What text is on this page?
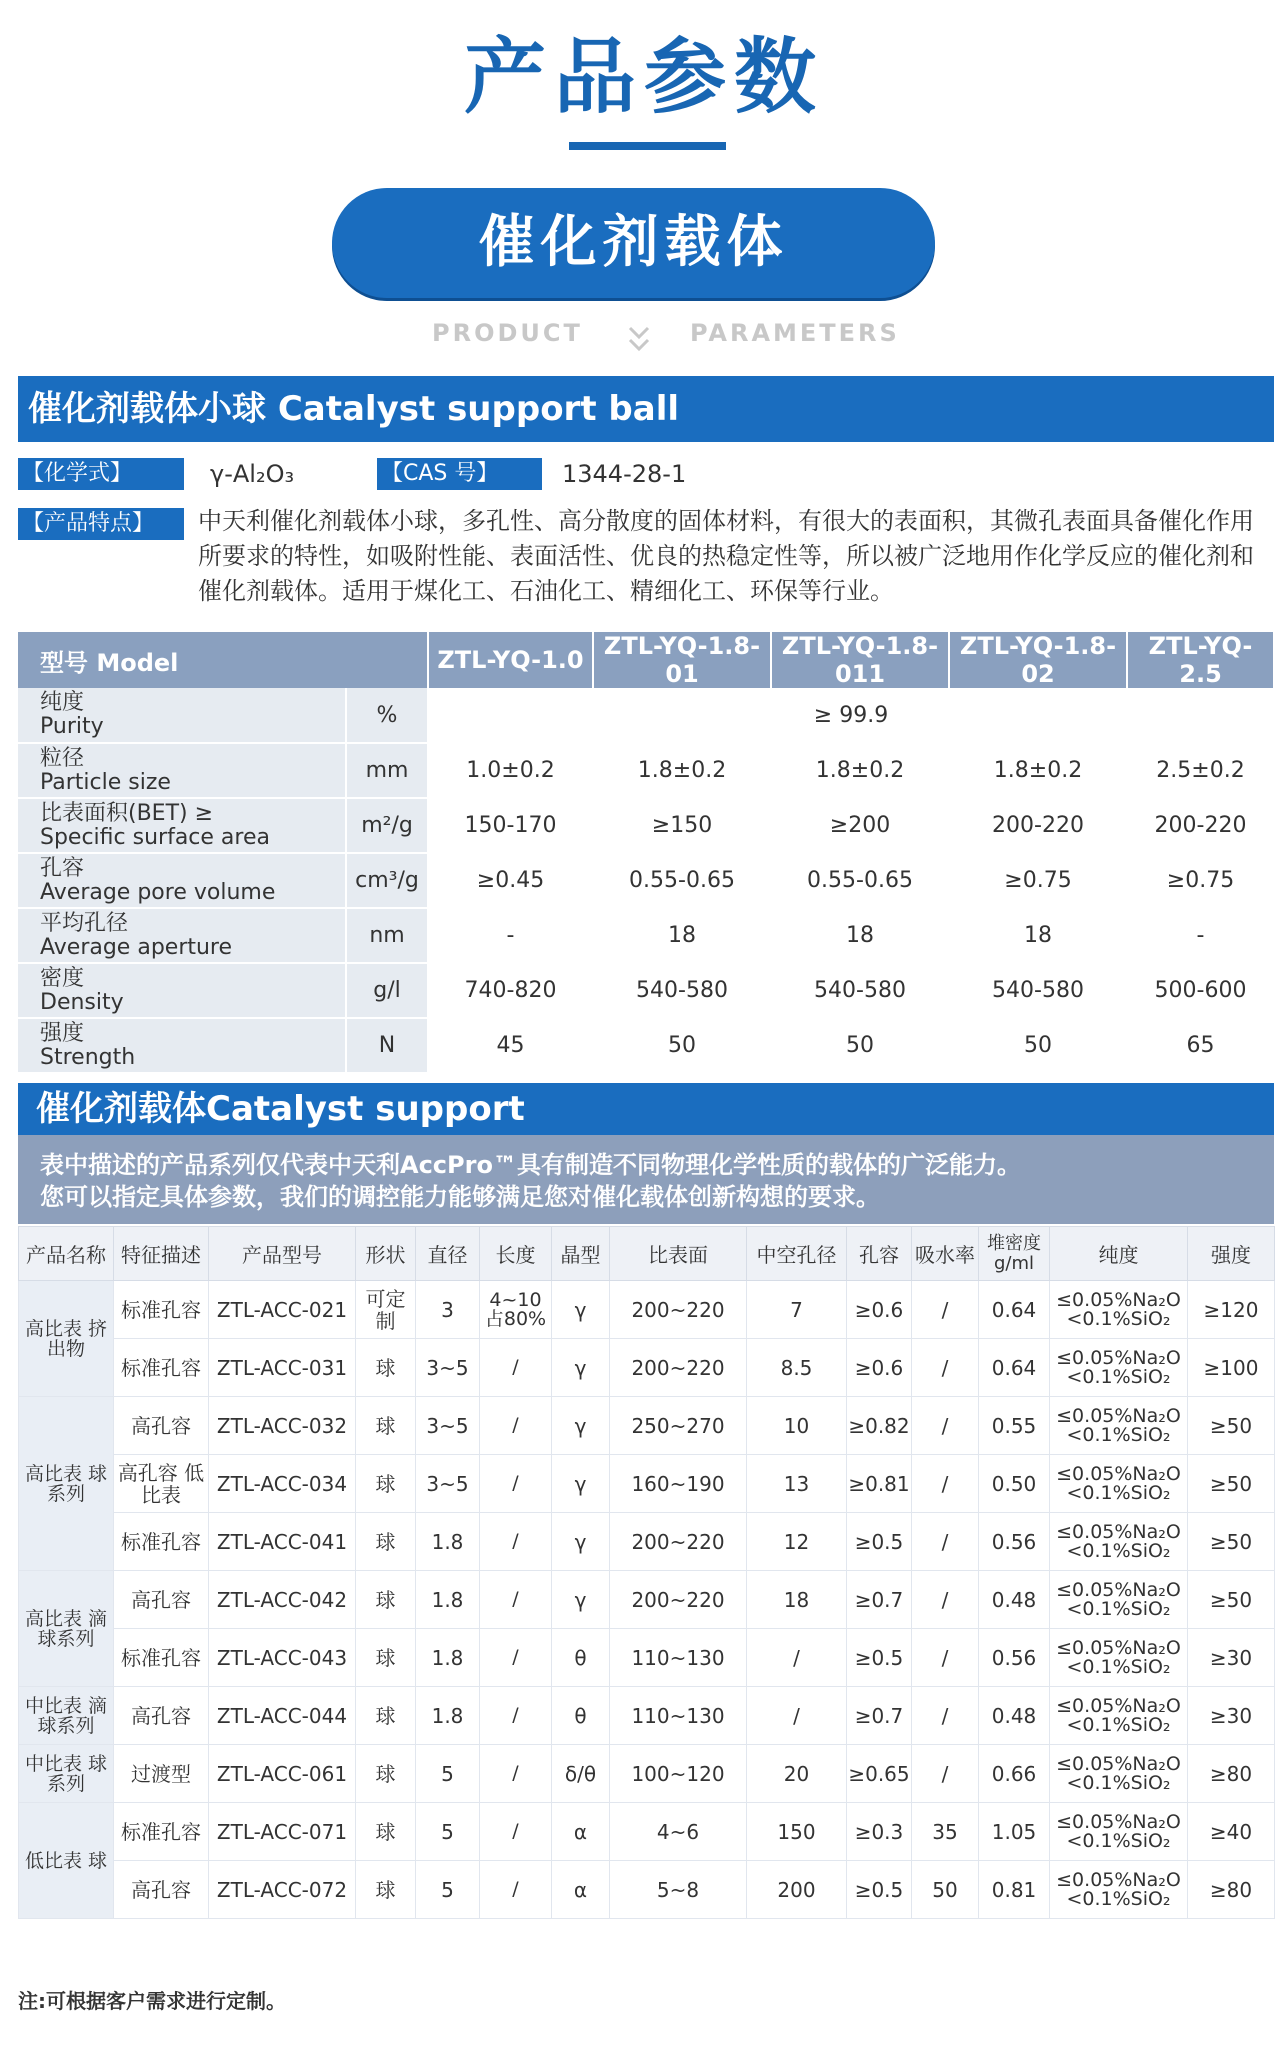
产品参数
催化剂载体
PRODUCT	PARAMETERS
催化剂载体小球 Catalyst support ball
【化学式】	γ-Al₂O₃	【CAS 号】	1344-28-1
【产品特点】	中天利催化剂载体小球，多孔性、高分散度的固体材料，有很大的表面积，其微孔表面具备催化作用所要求的特性，如吸附性能、表面活性、优良的热稳定性等，所以被广泛地用作化学反应的催化剂和催化剂载体。适用于煤化工、石油化工、精细化工、环保等行业。
型号 Model		ZTL-YQ-1.0	ZTL-YQ-1.8-01	ZTL-YQ-1.8-011	ZTL-YQ-1.8-02	ZTL-YQ-2.5

纯度
Purity	%	≥ 99.9				

粒径
Particle size	mm	1.0±0.2	1.8±0.2	1.8±0.2	1.8±0.2	2.5±0.2

比表面积(BET) ≥
Specific surface area	m²/g	150-170	≥150	≥200	200-220	200-220

孔容
Average pore volume	cm³/g	≥0.45	0.55-0.65	0.55-0.65	≥0.75	≥0.75

平均孔径
Average aperture	nm	-	18	18	18	-

密度
Density	g/l	740-820	540-580	540-580	540-580	500-600

强度
Strength	N	45	50	50	50	65
催化剂载体Catalyst support
表中描述的产品系列仅代表中天利AccPro™具有制造不同物理化学性质的载体的广泛能力。
您可以指定具体参数，我们的调控能力能够满足您对催化载体创新构想的要求。
产品名称	特征描述	产品型号	形状	直径	长度	晶型	比表面	中空孔径	孔容	吸水率	堆密度 g/ml	纯度	强度
高比表 挤出物	标准孔容	ZTL-ACC-021	可定制	3	4~10 占80%	γ	200~220	7	≥0.6	/	0.64	≤0.05%Na₂O <0.1%SiO₂	≥120
	标准孔容	ZTL-ACC-031	球	3~5	/	γ	200~220	8.5	≥0.6	/	0.64	≤0.05%Na₂O <0.1%SiO₂	≥100
高比表 球系列	高孔容	ZTL-ACC-032	球	3~5	/	γ	250~270	10	≥0.82	/	0.55	≤0.05%Na₂O <0.1%SiO₂	≥50
	高孔容 低比表	ZTL-ACC-034	球	3~5	/	γ	160~190	13	≥0.81	/	0.50	≤0.05%Na₂O <0.1%SiO₂	≥50
	标准孔容	ZTL-ACC-041	球	1.8	/	γ	200~220	12	≥0.5	/	0.56	≤0.05%Na₂O <0.1%SiO₂	≥50
高比表 滴球系列	高孔容	ZTL-ACC-042	球	1.8	/	γ	200~220	18	≥0.7	/	0.48	≤0.05%Na₂O <0.1%SiO₂	≥50
	标准孔容	ZTL-ACC-043	球	1.8	/	θ	110~130	/	≥0.5	/	0.56	≤0.05%Na₂O <0.1%SiO₂	≥30
中比表 滴球系列	高孔容	ZTL-ACC-044	球	1.8	/	θ	110~130	/	≥0.7	/	0.48	≤0.05%Na₂O <0.1%SiO₂	≥30
中比表 球系列	过渡型	ZTL-ACC-061	球	5	/	δ/θ	100~120	20	≥0.65	/	0.66	≤0.05%Na₂O <0.1%SiO₂	≥80
低比表 球	标准孔容	ZTL-ACC-071	球	5	/	α	4~6	150	≥0.3	35	1.05	≤0.05%Na₂O <0.1%SiO₂	≥40
	高孔容	ZTL-ACC-072	球	5	/	α	5~8	200	≥0.5	50	0.81	≤0.05%Na₂O <0.1%SiO₂	≥80
注:可根据客户需求进行定制。
